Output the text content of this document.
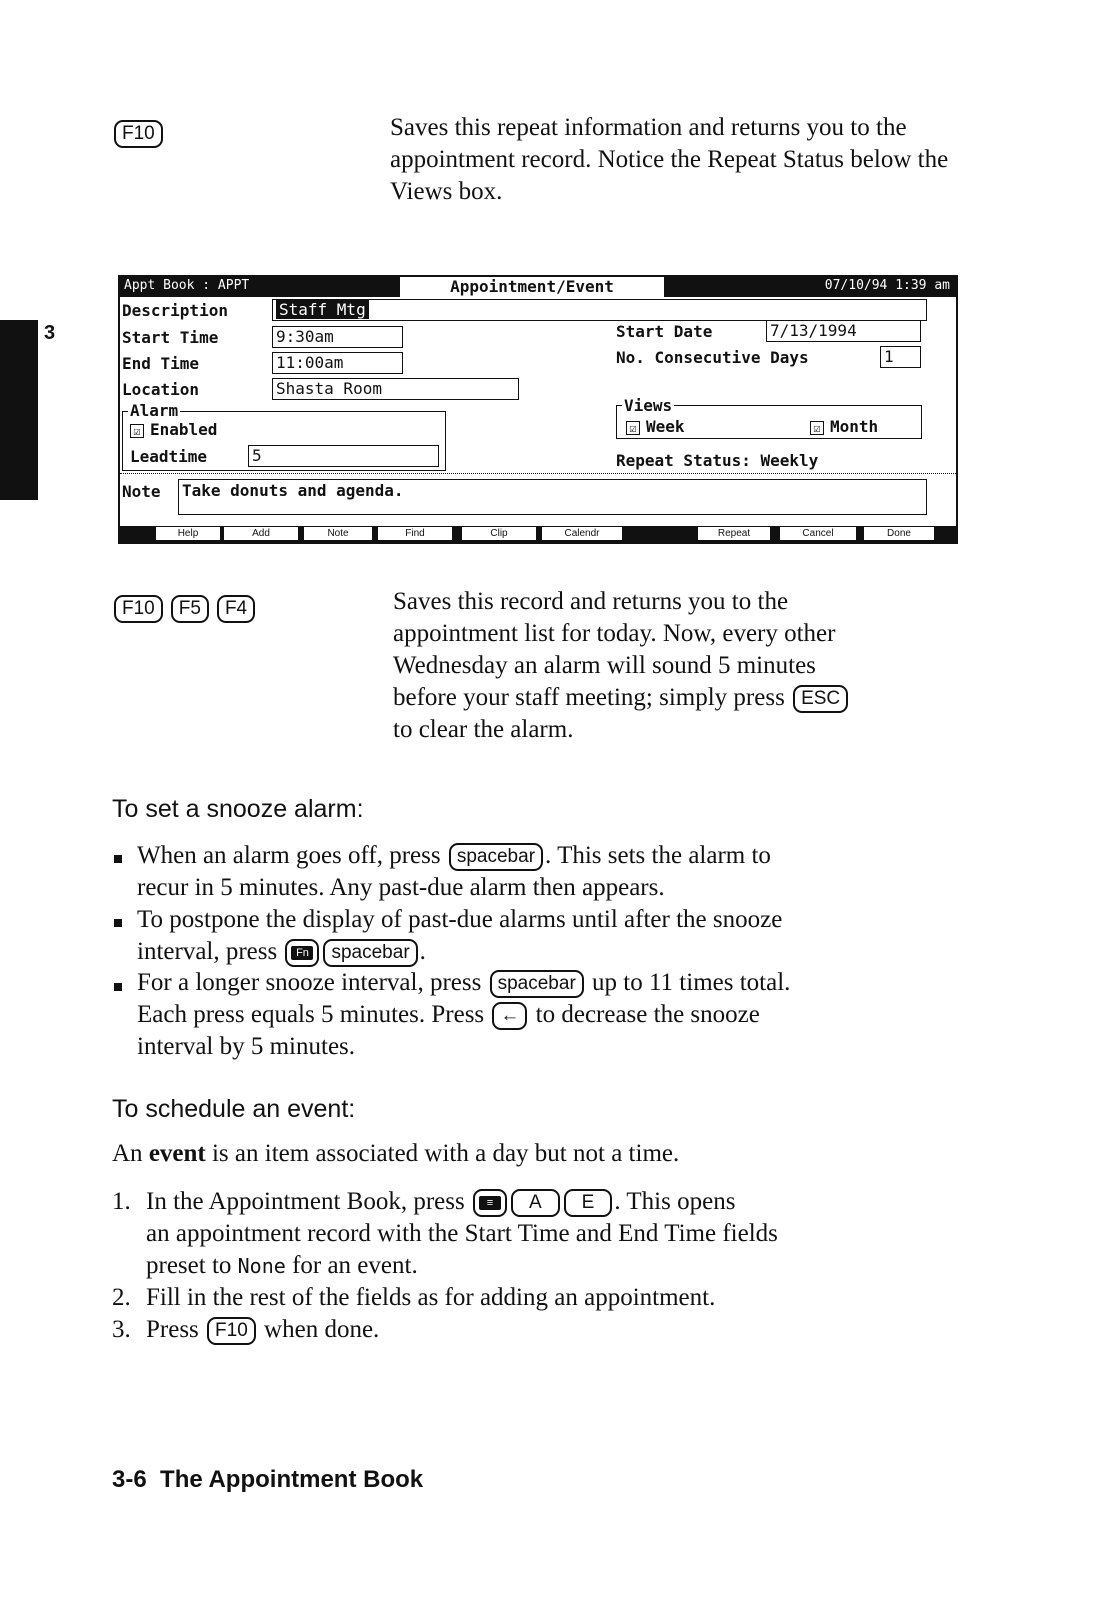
3
F10	Saves this repeat information and returns you to the appointment record. Notice the Repeat Status below the Views box.
Appt Book : APPT	Appointment/Event	07/10/94 1:39 am
Description	Staff Mtg
Start Time	9:30am
End Time	11:00am
Location	Shasta Room
Alarm
☑ Enabled
Leadtime	5
Start Date	7/13/1994
No. Consecutive Days	1
Views
☑ Week	☑ Month
Repeat Status: Weekly
Note Take donuts and agenda.
Help	Add	Note	Find	Clip	Calendr	Repeat	Cancel	Done
F10 F5 F4	Saves this record and returns you to the
appointment list for today. Now, every other
Wednesday an alarm will sound 5 minutes
before your staff meeting; simply press ESC
to clear the alarm.
To set a snooze alarm:
When an alarm goes off, press spacebar . This sets the alarm to
recur in 5 minutes. Any past-due alarm then appears.
To postpone the display of past-due alarms until after the snooze
interval, press Fn spacebar .
For a longer snooze interval, press spacebar up to 11 times total.
Each press equals 5 minutes. Press ← to decrease the snooze
interval by 5 minutes.
To schedule an event:
An event is an item associated with a day but not a time.
1. In the Appointment Book, press ≡ A E . This opens
an appointment record with the Start Time and End Time fields
preset to None for an event.
2. Fill in the rest of the fields as for adding an appointment.
3. Press F10 when done.
3-6 The Appointment Book
